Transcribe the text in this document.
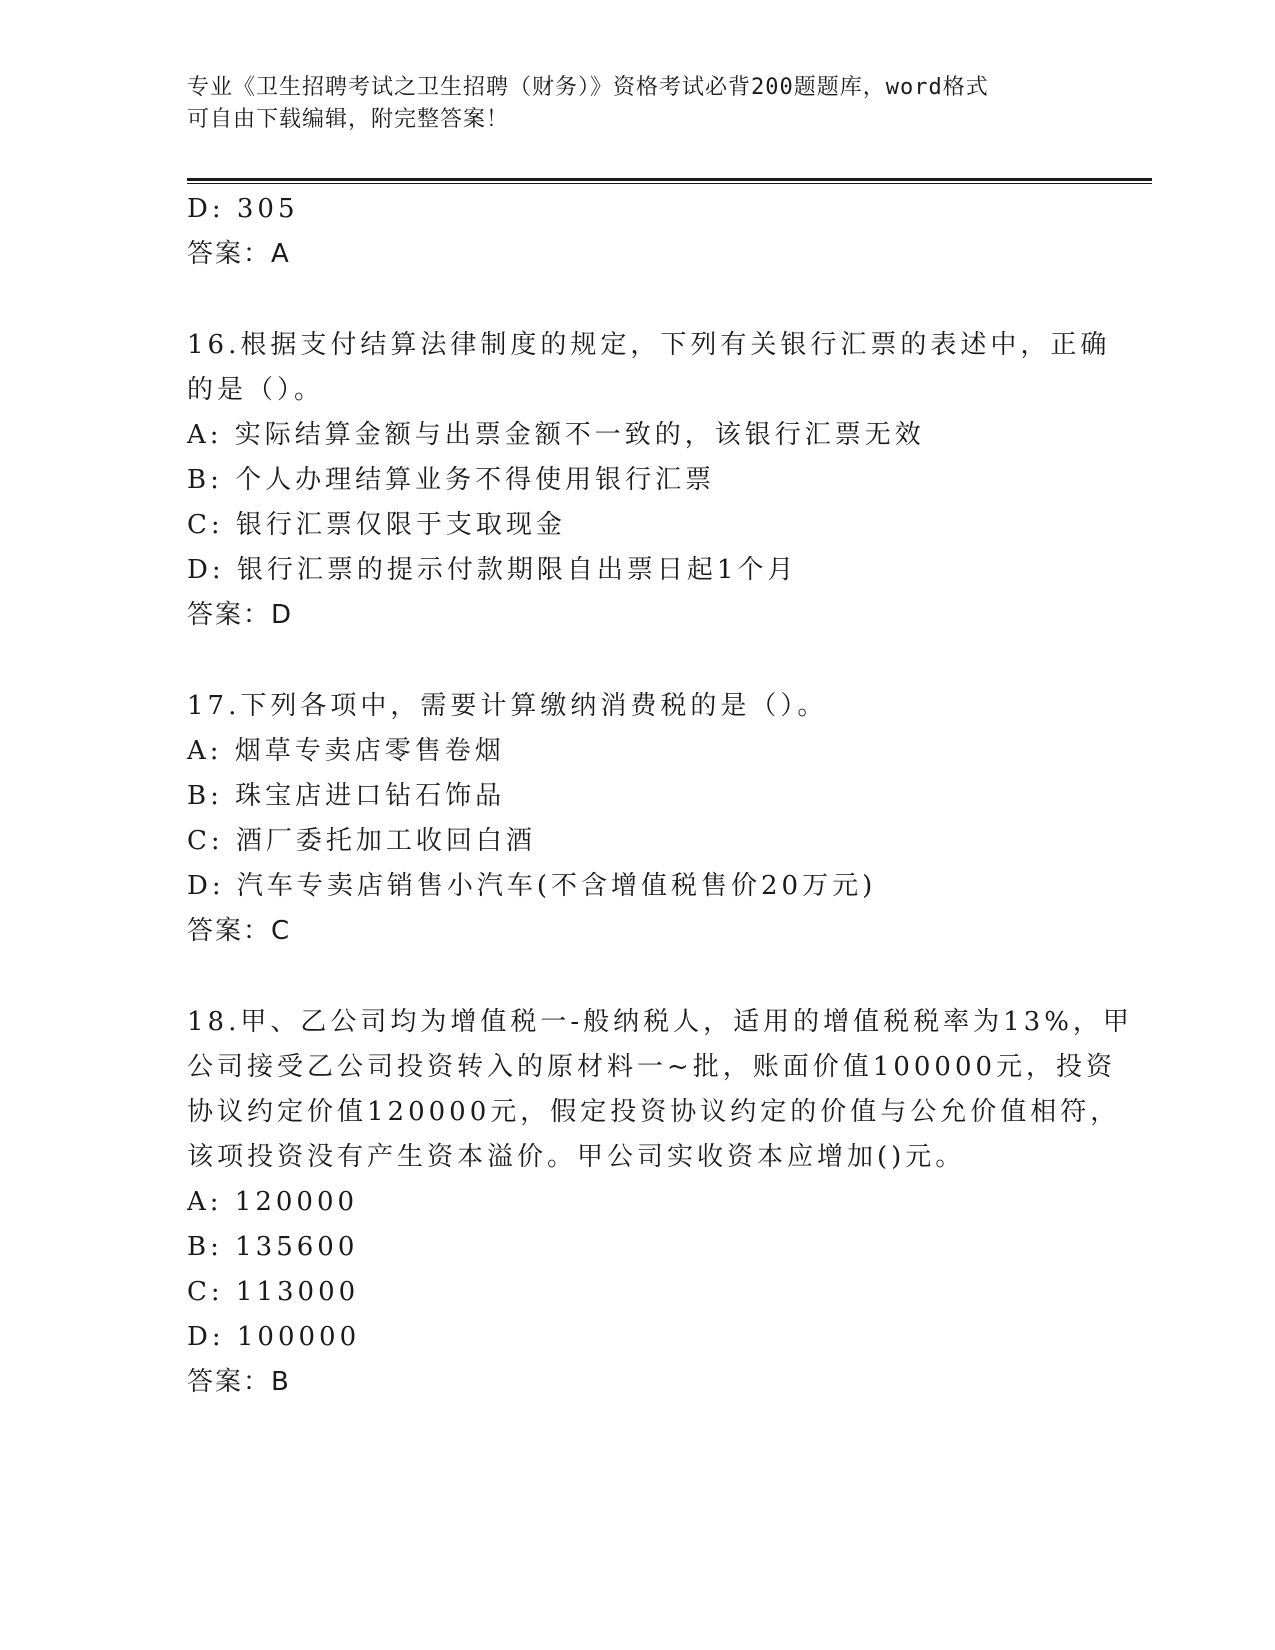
专业《卫生招聘考试之卫生招聘（财务）》资格考试必背200题题库，word格式
可自由下载编辑，附完整答案！
D: 305
答案：A
16.根据支付结算法律制度的规定，下列有关银行汇票的表述中，正确
的是（）。
A: 实际结算金额与出票金额不一致的，该银行汇票无效
B: 个人办理结算业务不得使用银行汇票
C: 银行汇票仅限于支取现金
D: 银行汇票的提示付款期限自出票日起1个月
答案：D
17.下列各项中，需要计算缴纳消费税的是（）。
A: 烟草专卖店零售卷烟
B: 珠宝店进口钻石饰品
C: 酒厂委托加工收回白酒
D: 汽车专卖店销售小汽车(不含增值税售价20万元)
答案：C
18.甲、乙公司均为增值税一-般纳税人，适用的增值税税率为13%，甲
公司接受乙公司投资转入的原材料一~批，账面价值100000元，投资
协议约定价值120000元，假定投资协议约定的价值与公允价值相符，
该项投资没有产生资本溢价。甲公司实收资本应增加()元。
A: 120000
B: 135600
C: 113000
D: 100000
答案：B
